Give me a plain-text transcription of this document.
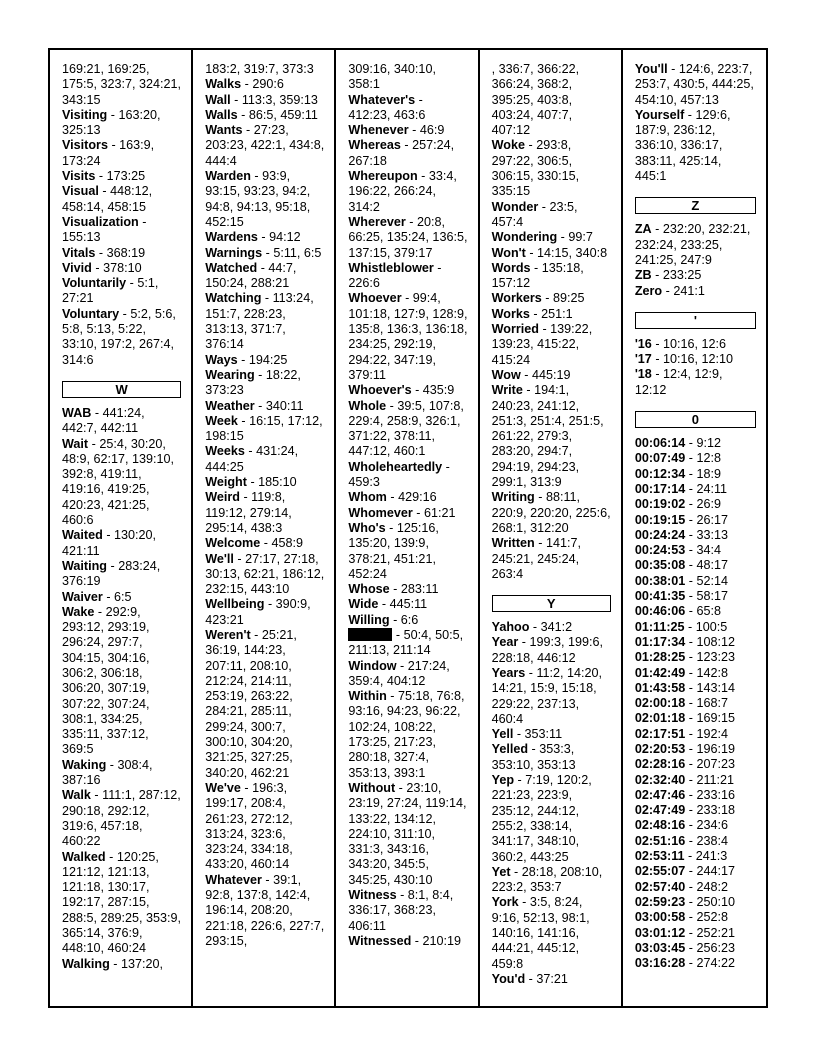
169:21, 169:25, 175:5, 323:7, 324:21, 343:15

Visiting - 163:20, 325:13

Visitors - 163:9, 173:24

Visits - 173:25

Visual - 448:12, 458:14, 458:15

Visualization - 155:13

Vitals - 368:19

Vivid - 378:10

Voluntarily - 5:1, 27:21

Voluntary - 5:2, 5:6, 5:8, 5:13, 5:22, 33:10, 197:2, 267:4, 314:6

W

WAB - 441:24, 442:7, 442:11

Wait - 25:4, 30:20, 48:9, 62:17, 139:10, 392:8, 419:11, 419:16, 419:25, 420:23, 421:25, 460:6

Waited - 130:20, 421:11

Waiting - 283:24, 376:19

Waiver - 6:5

Wake - 292:9, 293:12, 293:19, 296:24, 297:7, 304:15, 304:16, 306:2, 306:18, 306:20, 307:19, 307:22, 307:24, 308:1, 334:25, 335:11, 337:12, 369:5

Waking - 308:4, 387:16

Walk - 111:1, 287:12, 290:18, 292:12, 319:6, 457:18, 460:22

Walked - 120:25, 121:12, 121:13, 121:18, 130:17, 192:17, 287:15, 288:5, 289:25, 353:9, 365:14, 376:9, 448:10, 460:24

Walking - 137:20,

183:2, 319:7, 373:3

Walks - 290:6

Wall - 113:3, 359:13

Walls - 86:5, 459:11

Wants - 27:23, 203:23, 422:1, 434:8, 444:4

Warden - 93:9, 93:15, 93:23, 94:2, 94:8, 94:13, 95:18, 452:15

Wardens - 94:12

Warnings - 5:11, 6:5

Watched - 44:7, 150:24, 288:21

Watching - 113:24, 151:7, 228:23, 313:13, 371:7, 376:14

Ways - 194:25

Wearing - 18:22, 373:23

Weather - 340:11

Week - 16:15, 17:12, 198:15

Weeks - 431:24, 444:25

Weight - 185:10

Weird - 119:8, 119:12, 279:14, 295:14, 438:3

Welcome - 458:9

We'll - 27:17, 27:18, 30:13, 62:21, 186:12, 232:15, 443:10

Wellbeing - 390:9, 423:21

Weren't - 25:21, 36:19, 144:23, 207:11, 208:10, 212:24, 214:11, 253:19, 263:22, 284:21, 285:11, 299:24, 300:7, 300:10, 304:20, 321:25, 327:25, 340:20, 462:21

We've - 196:3, 199:17, 208:4, 261:23, 272:12, 313:24, 323:6, 323:24, 334:18, 433:20, 460:14

Whatever - 39:1, 92:8, 137:8, 142:4, 196:14, 208:20, 221:18, 226:6, 227:7, 293:15,

309:16, 340:10, 358:1

Whatever's - 412:23, 463:6

Whenever - 46:9

Whereas - 257:24, 267:18

Whereupon - 33:4, 196:22, 266:24, 314:2

Wherever - 20:8, 66:25, 135:24, 136:5, 137:15, 379:17

Whistleblower - 226:6

Whoever - 99:4, 101:18, 127:9, 128:9, 135:8, 136:3, 136:18, 234:25, 292:19, 294:22, 347:19, 379:11

Whoever's - 435:9

Whole - 39:5, 107:8, 229:4, 258:9, 326:1, 371:22, 378:11, 447:12, 460:1

Wholeheartedly - 459:3

Whom - 429:16

Whomever - 61:21

Who's - 125:16, 135:20, 139:9, 378:21, 451:21, 452:24

Whose - 283:11

Wide - 445:11

Willing - 6:6

- 50:4, 50:5, 211:13, 211:14

Window - 217:24, 359:4, 404:12

Within - 75:18, 76:8, 93:16, 94:23, 96:22, 102:24, 108:22, 173:25, 217:23, 280:18, 327:4, 353:13, 393:1

Without - 23:10, 23:19, 27:24, 119:14, 133:22, 134:12, 224:10, 311:10, 331:3, 343:16, 343:20, 345:5, 345:25, 430:10

Witness - 8:1, 8:4, 336:17, 368:23, 406:11

Witnessed - 210:19

, 336:7, 366:22, 366:24, 368:2, 395:25, 403:8, 403:24, 407:7, 407:12

Woke - 293:8, 297:22, 306:5, 306:15, 330:15, 335:15

Wonder - 23:5, 457:4

Wondering - 99:7

Won't - 14:15, 340:8

Words - 135:18, 157:12

Workers - 89:25

Works - 251:1

Worried - 139:22, 139:23, 415:22, 415:24

Wow - 445:19

Write - 194:1, 240:23, 241:12, 251:3, 251:4, 251:5, 261:22, 279:3, 283:20, 294:7, 294:19, 294:23, 299:1, 313:9

Writing - 88:11, 220:9, 220:20, 225:6, 268:1, 312:20

Written - 141:7, 245:21, 245:24, 263:4

Y

Yahoo - 341:2

Year - 199:3, 199:6, 228:18, 446:12

Years - 11:2, 14:20, 14:21, 15:9, 15:18, 229:22, 237:13, 460:4

Yell - 353:11

Yelled - 353:3, 353:10, 353:13

Yep - 7:19, 120:2, 221:23, 223:9, 235:12, 244:12, 255:2, 338:14, 341:17, 348:10, 360:2, 443:25

Yet - 28:18, 208:10, 223:2, 353:7

York - 3:5, 8:24, 9:16, 52:13, 98:1, 140:16, 141:16, 444:21, 445:12, 459:8

You'd - 37:21

You'll - 124:6, 223:7, 253:7, 430:5, 444:25, 454:10, 457:13

Yourself - 129:6, 187:9, 236:12, 336:10, 336:17, 383:11, 425:14, 445:1

Z

ZA - 232:20, 232:21, 232:24, 233:25, 241:25, 247:9

ZB - 233:25

Zero - 241:1

'

'16 - 10:16, 12:6

'17 - 10:16, 12:10

'18 - 12:4, 12:9, 12:12

0

00:06:14 - 9:12

00:07:49 - 12:8

00:12:34 - 18:9

00:17:14 - 24:11

00:19:02 - 26:9

00:19:15 - 26:17

00:24:24 - 33:13

00:24:53 - 34:4

00:35:08 - 48:17

00:38:01 - 52:14

00:41:35 - 58:17

00:46:06 - 65:8

01:11:25 - 100:5

01:17:34 - 108:12

01:28:25 - 123:23

01:42:49 - 142:8

01:43:58 - 143:14

02:00:18 - 168:7

02:01:18 - 169:15

02:17:51 - 192:4

02:20:53 - 196:19

02:28:16 - 207:23

02:32:40 - 211:21

02:47:46 - 233:16

02:47:49 - 233:18

02:48:16 - 234:6

02:51:16 - 238:4

02:53:11 - 241:3

02:55:07 - 244:17

02:57:40 - 248:2

02:59:23 - 250:10

03:00:58 - 252:8

03:01:12 - 252:21

03:03:45 - 256:23

03:16:28 - 274:22
